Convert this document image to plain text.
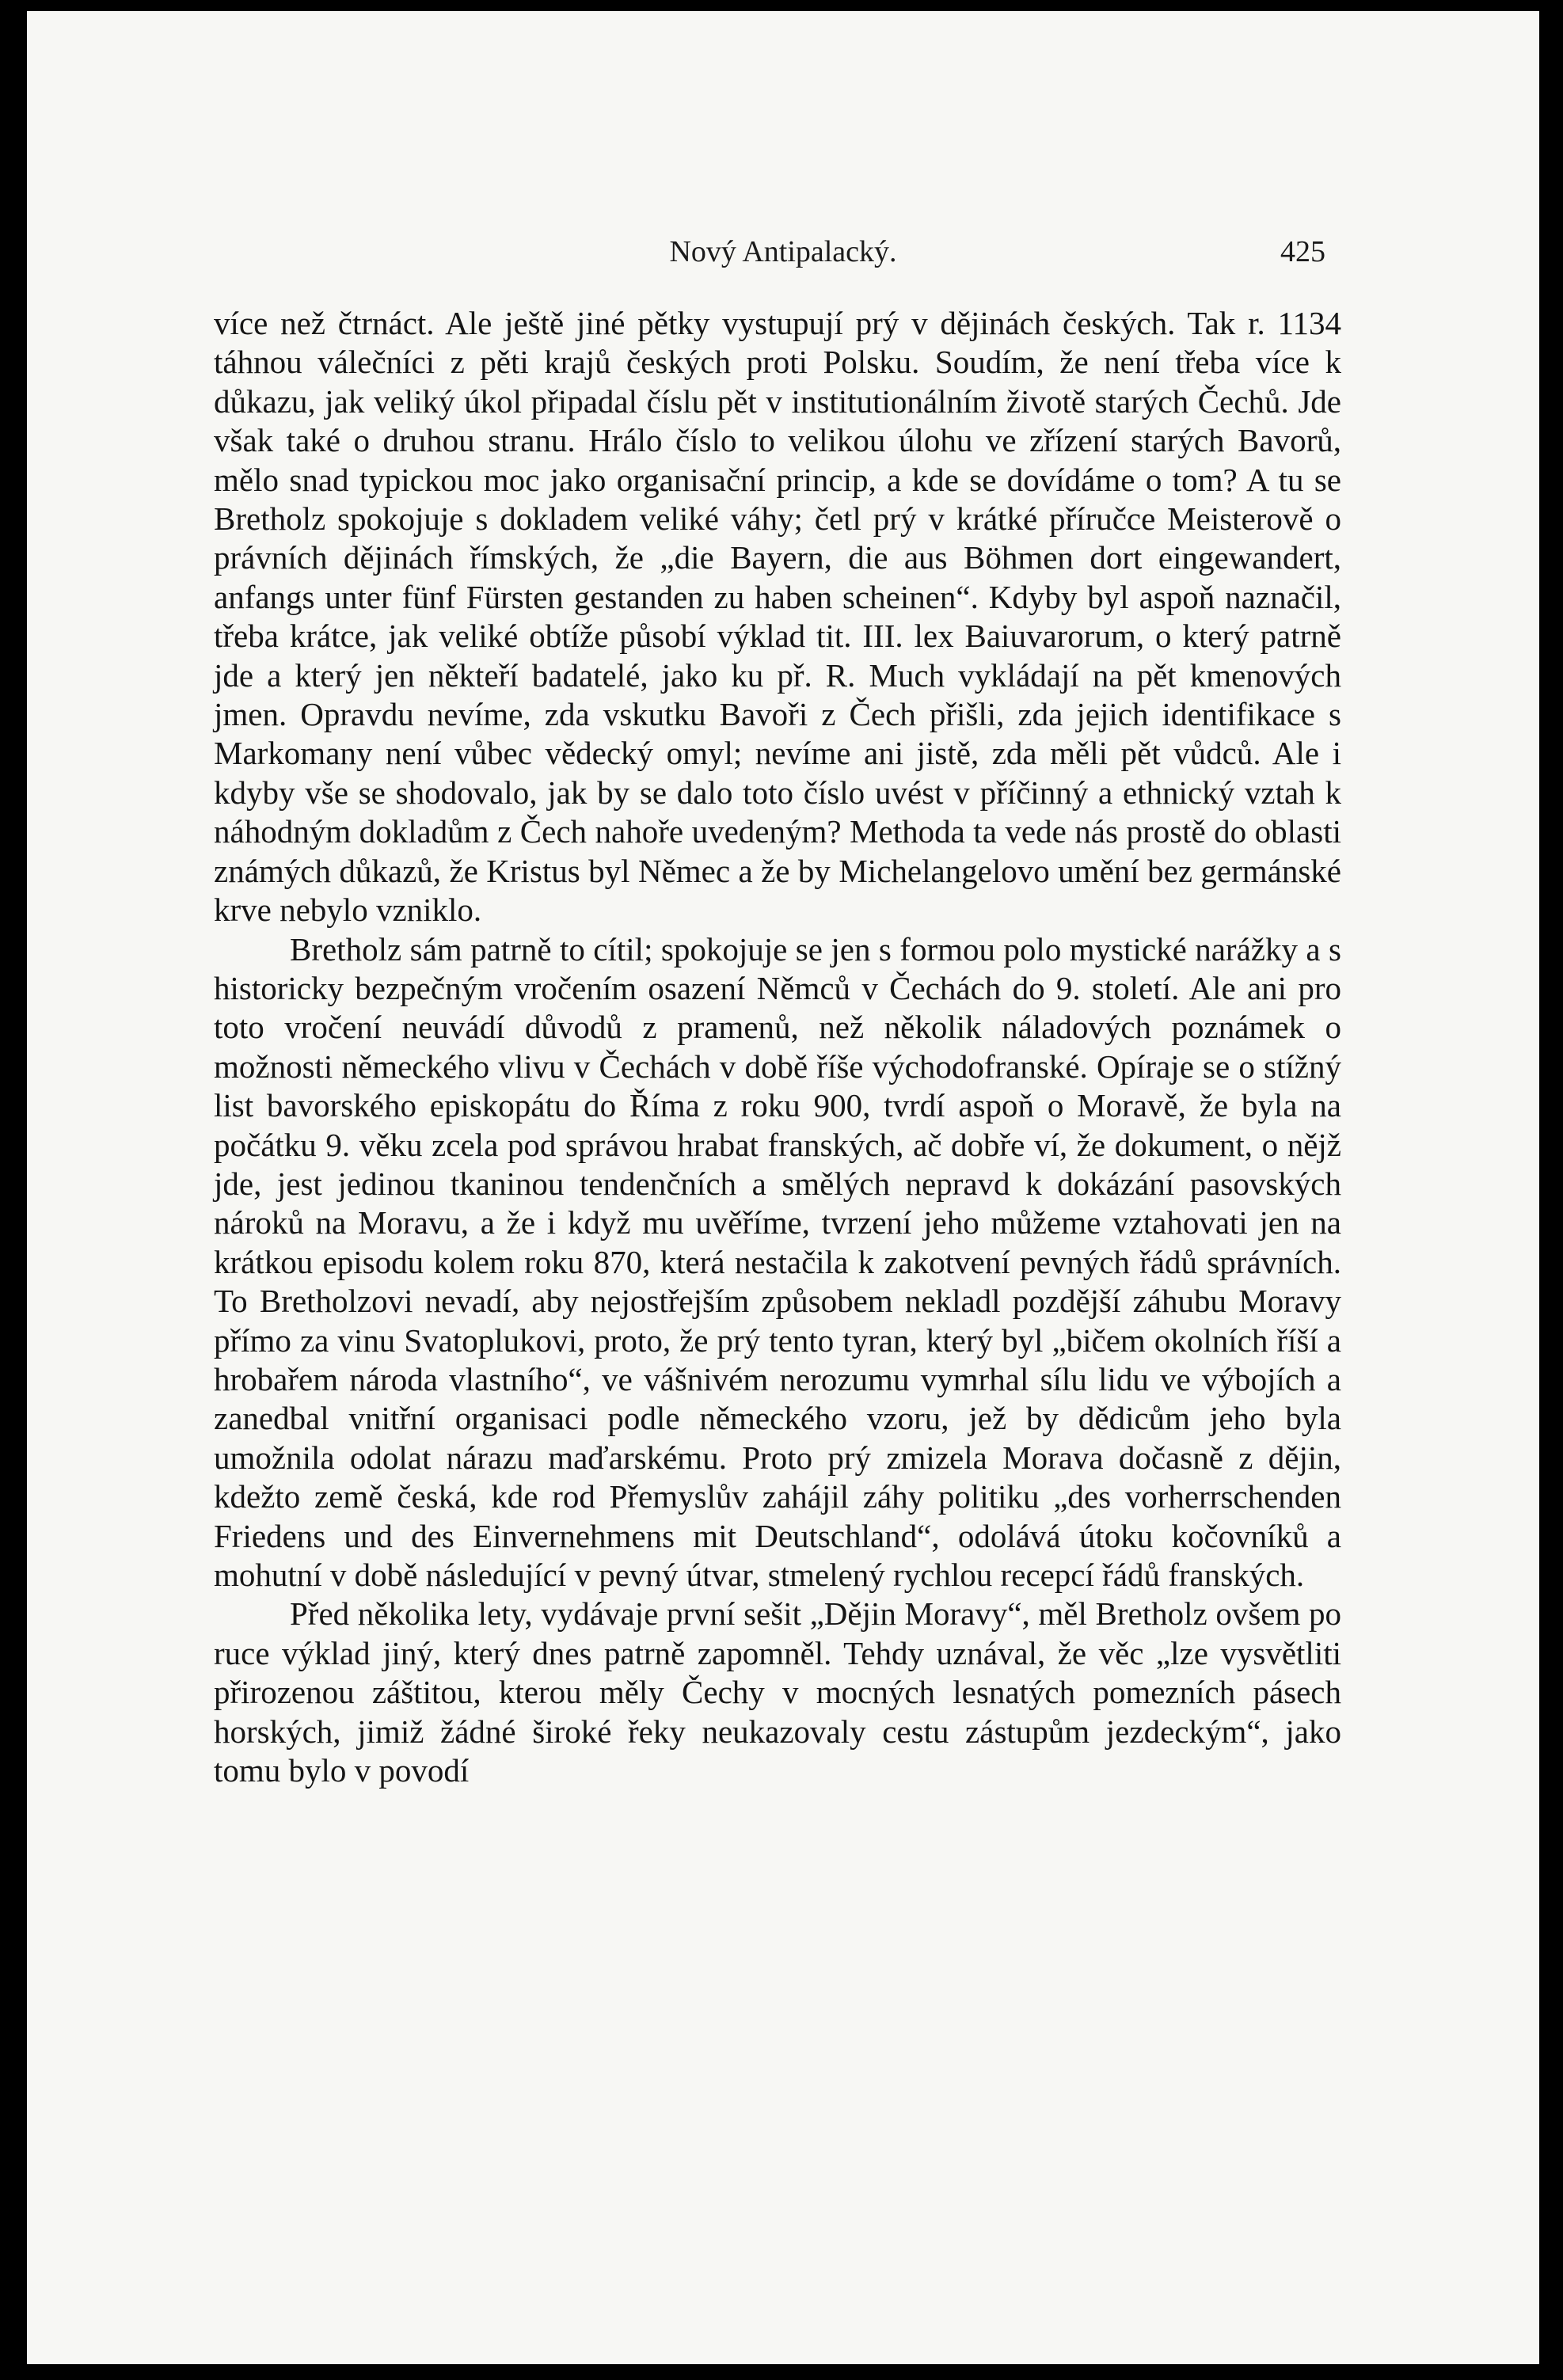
Nový Antipalacký.	425

více než čtrnáct. Ale ještě jiné pětky vystupují prý v dějinách českých. Tak r. 1134 táhnou válečníci z pěti krajů českých proti Polsku. Soudím, že není třeba více k důkazu, jak veliký úkol připadal číslu pět v institutionálním životě starých Čechů. Jde však také o druhou stranu. Hrálo číslo to velikou úlohu ve zřízení starých Bavorů, mělo snad typickou moc jako organisační princip, a kde se dovídáme o tom? A tu se Bretholz spokojuje s dokladem veliké váhy; četl prý v krátké příručce Meisterově o právních dějinách římských, že „die Bayern, die aus Böhmen dort eingewandert, anfangs unter fünf Fürsten gestanden zu haben scheinen“. Kdyby byl aspoň naznačil, třeba krátce, jak veliké obtíže působí výklad tit. III. lex Baiuvarorum, o který patrně jde a který jen někteří badatelé, jako ku př. R. Much vykládají na pět kmenových jmen. Opravdu nevíme, zda vskutku Bavoři z Čech přišli, zda jejich identifikace s Markomany není vůbec vědecký omyl; nevíme ani jistě, zda měli pět vůdců. Ale i kdyby vše se shodovalo, jak by se dalo toto číslo uvést v příčinný a ethnický vztah k náhodným dokladům z Čech nahoře uvedeným? Methoda ta vede nás prostě do oblasti známých důkazů, že Kristus byl Němec a že by Michelangelovo umění bez germánské krve nebylo vzniklo.

Bretholz sám patrně to cítil; spokojuje se jen s formou polo mystické narážky a s historicky bezpečným vročením osazení Němců v Čechách do 9. století. Ale ani pro toto vročení neuvádí důvodů z pramenů, než několik náladových poznámek o možnosti německého vlivu v Čechách v době říše východofranské. Opíraje se o stížný list bavorského episkopátu do Říma z roku 900, tvrdí aspoň o Moravě, že byla na počátku 9. věku zcela pod správou hrabat franských, ač dobře ví, že dokument, o nějž jde, jest jedinou tkaninou tendenčních a smělých nepravd k dokázání pasovských nároků na Moravu, a že i když mu uvěříme, tvrzení jeho můžeme vztahovati jen na krátkou episodu kolem roku 870, která nestačila k zakotvení pevných řádů správních. To Bretholzovi nevadí, aby nejostřejším způsobem nekladl pozdější záhubu Moravy přímo za vinu Svatoplukovi, proto, že prý tento tyran, který byl „bičem okolních říší a hrobařem národa vlastního“, ve vášnivém nerozumu vymrhal sílu lidu ve výbojích a zanedbal vnitřní organisaci podle německého vzoru, jež by dědicům jeho byla umožnila odolat nárazu maďarskému. Proto prý zmizela Morava dočasně z dějin, kdežto země česká, kde rod Přemyslův zahájil záhy politiku „des vorherrschenden Friedens und des Einvernehmens mit Deutschland“, odolává útoku kočovníků a mohutní v době následující v pevný útvar, stmelený rychlou recepcí řádů franských.

Před několika lety, vydávaje první sešit „Dějin Moravy“, měl Bretholz ovšem po ruce výklad jiný, který dnes patrně zapomněl. Tehdy uznával, že věc „lze vysvětliti přirozenou záštitou, kterou měly Čechy v mocných lesnatých pomezních pásech horských, jimiž žádné široké řeky neukazovaly cestu zástupům jezdeckým“, jako tomu bylo v povodí
